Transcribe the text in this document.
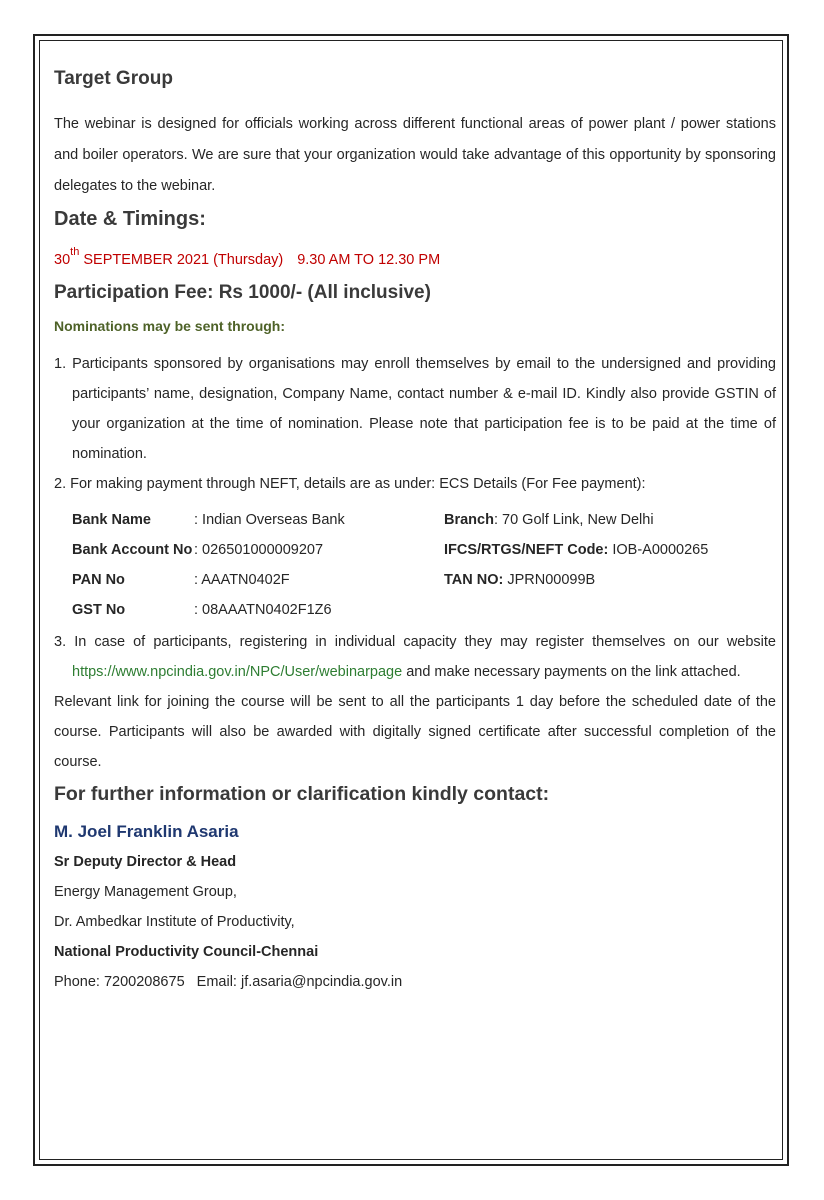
Target Group

The webinar is designed for officials working across different functional areas of power plant / power stations and boiler operators. We are sure that your organization would take advantage of this opportunity by sponsoring delegates to the webinar.

Date & Timings:

30th SEPTEMBER 2021 (Thursday) 9.30 AM TO 12.30 PM

Participation Fee: Rs 1000/- (All inclusive)

Nominations may be sent through:

1. Participants sponsored by organisations may enroll themselves by email to the undersigned and providing participants’ name, designation, Company Name, contact number & e-mail ID. Kindly also provide GSTIN of your organization at the time of nomination. Please note that participation fee is to be paid at the time of nomination.

2. For making payment through NEFT, details are as under: ECS Details (For Fee payment):

Bank Name	: Indian Overseas Bank	Branch: 70 Golf Link, New Delhi
Bank Account No : 026501000009207	IFCS/RTGS/NEFT Code: IOB-A0000265
PAN No	: AAATN0402F	TAN NO: JPRN00099B
GST No	: 08AAATN0402F1Z6

3. In case of participants, registering in individual capacity they may register themselves on our website https://www.npcindia.gov.in/NPC/User/webinarpage and make necessary payments on the link attached.

Relevant link for joining the course will be sent to all the participants 1 day before the scheduled date of the course. Participants will also be awarded with digitally signed certificate after successful completion of the course.

For further information or clarification kindly contact:

M. Joel Franklin Asaria

Sr Deputy Director & Head

Energy Management Group,

Dr. Ambedkar Institute of Productivity,

National Productivity Council-Chennai

Phone: 7200208675 Email: jf.asaria@npcindia.gov.in
